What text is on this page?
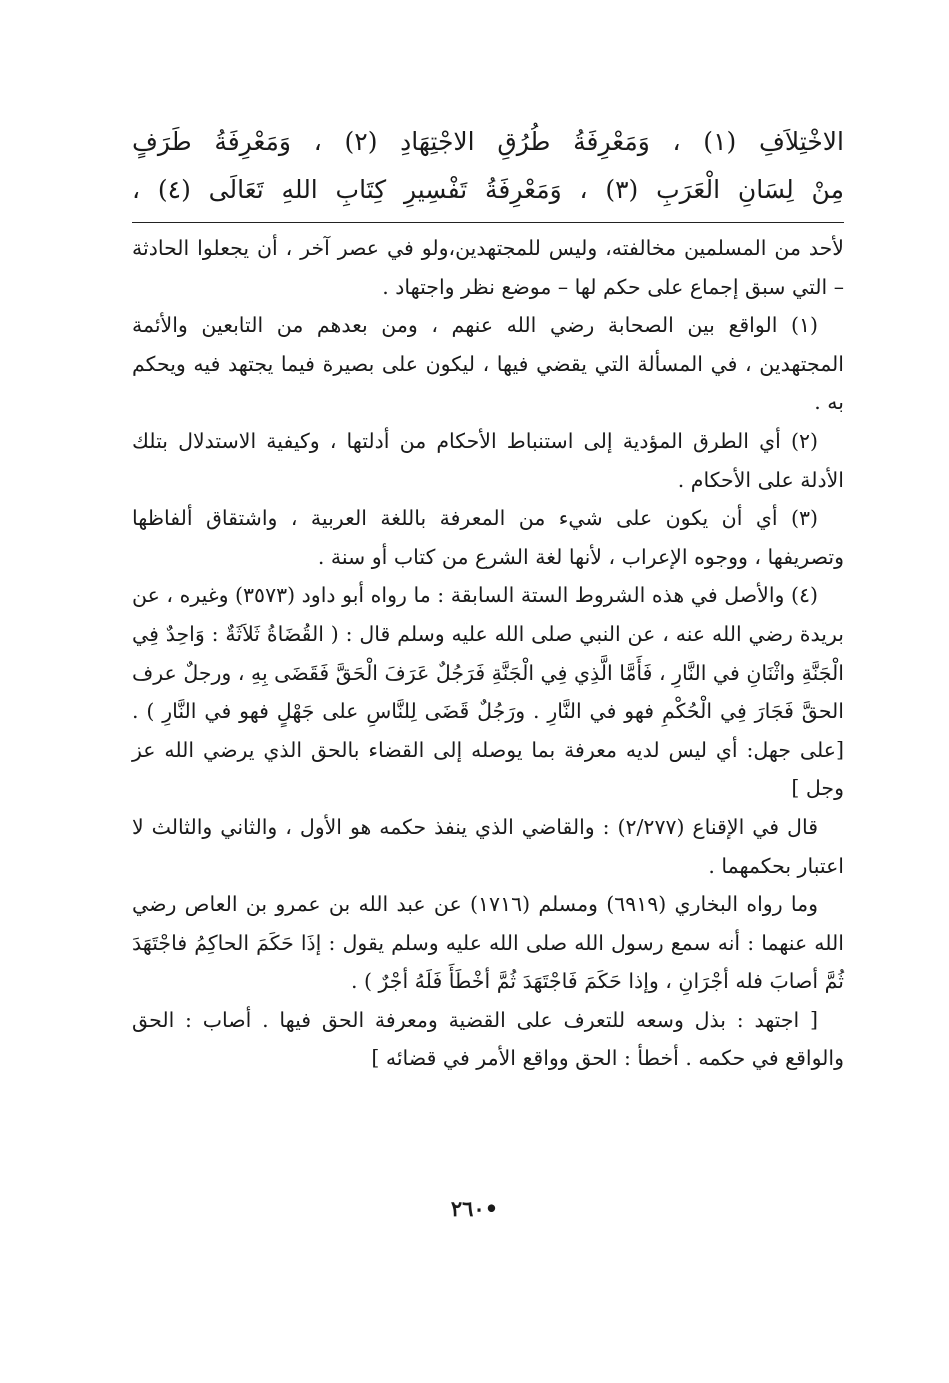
الاخْتِلاَفِ (١) ، وَمَعْرِفَةُ طُرُقِ الاجْتِهَادِ (٢) ، وَمَعْرِفَةُ طَرَفٍ
مِنْ لِسَانِ الْعَرَبِ (٣) ، وَمَعْرِفَةُ تَفْسِيرِ كِتَابِ اللهِ تَعَالَى (٤) ،

لأحد من المسلمين مخالفته، وليس للمجتهدين،ولو في عصر آخر ، أن يجعلوا الحادثة – التي سبق إجماع على حكم لها – موضع نظر واجتهاد .

(١) الواقع بين الصحابة رضي الله عنهم ، ومن بعدهم من التابعين والأئمة المجتهدين ، في المسألة التي يقضي فيها ، ليكون على بصيرة فيما يجتهد فيه ويحكم به .

(٢) أي الطرق المؤدية إلى استنباط الأحكام من أدلتها ، وكيفية الاستدلال بتلك الأدلة على الأحكام .

(٣) أي أن يكون على شيء من المعرفة باللغة العربية ، واشتقاق ألفاظها وتصريفها ، ووجوه الإعراب ، لأنها لغة الشرع من كتاب أو سنة .

(٤) والأصل في هذه الشروط الستة السابقة : ما رواه أبو داود (٣٥٧٣) وغيره ، عن بريدة رضي الله عنه ، عن النبي صلى الله عليه وسلم قال : ( القُضَاةُ ثَلاَثَةٌ : وَاحِدٌ فِي الْجَنَّةِ واثْنَانِ في النَّارِ ، فَأَمَّا الَّذِي فِي الْجَنَّةِ فَرَجُلٌ عَرَفَ الْحَقَّ فَقَضَى بِهِ ، ورجلٌ عرف الحقَّ فَجَارَ فِي الْحُكْمِ فهو في النَّارِ . ورَجُلٌ قَضَى لِلنَّاسِ على جَهْلٍ فهو في النَّارِ ) . [على جهل: أي ليس لديه معرفة بما يوصله إلى القضاء بالحق الذي يرضي الله عز وجل ]

قال في الإقناع (٢/٢٧٧) : والقاضي الذي ينفذ حكمه هو الأول ، والثاني والثالث لا اعتبار بحكمهما .

وما رواه البخاري (٦٩١٩) ومسلم (١٧١٦) عن عبد الله بن عمرو بن العاص رضي الله عنهما : أنه سمع رسول الله صلى الله عليه وسلم يقول : إذَا حَكَمَ الحاكِمُ فاجْتَهَدَ ثُمَّ أصابَ فله أجْرَانِ ، وإذا حَكَمَ فَاجْتَهَدَ ثُمَّ أخْطَأَ فَلَهُ أجْرٌ ) .

[ اجتهد : بذل وسعه للتعرف على القضية ومعرفة الحق فيها . أصاب : الحق والواقع في حكمه . أخطأ : الحق وواقع الأمر في قضائه ]

•٢٦٠
